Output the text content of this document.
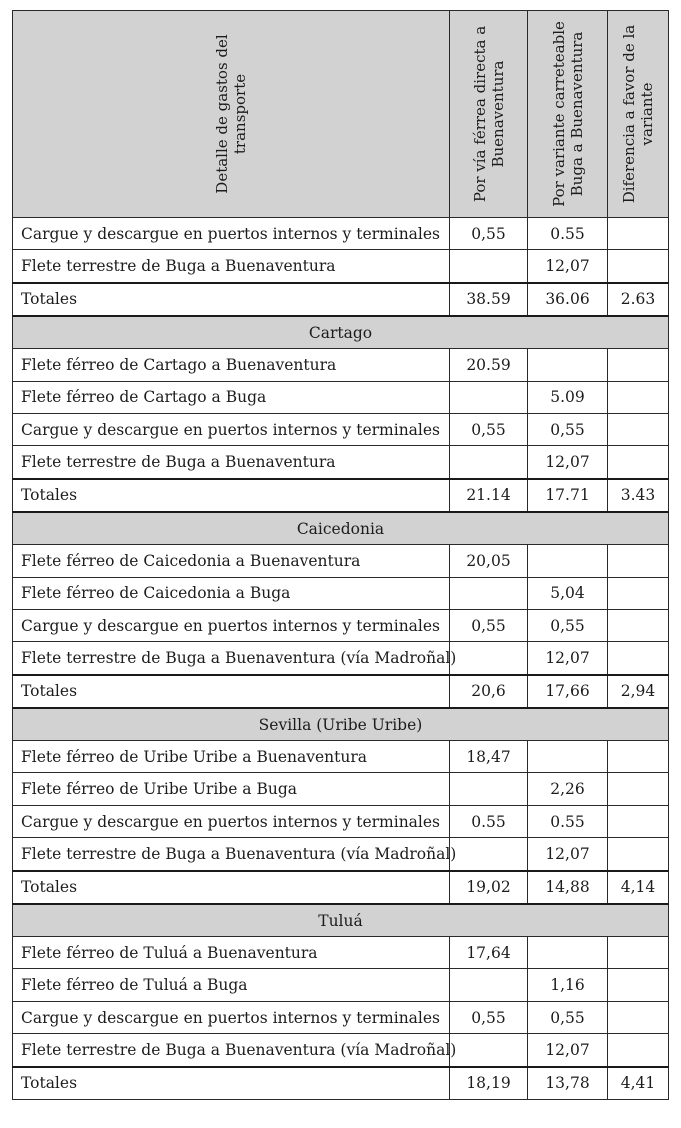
Detalle de gastos del transporte	Por vía férrea directa a Buenaventura	Por variante carreteable Buga a Buenaventura	Diferencia a favor de la variante

Cargue y descargue en puertos internos y terminales	0,55	0.55	
Flete terrestre de Buga a Buenaventura		12,07	
Totales	38.59	36.06	2.63
Cartago			
Flete férreo de Cartago a Buenaventura	20.59		
Flete férreo de Cartago a Buga		5.09	
Cargue y descargue en puertos internos y terminales	0,55	0,55	
Flete terrestre de Buga a Buenaventura		12,07	
Totales	21.14	17.71	3.43
Caicedonia			
Flete férreo de Caicedonia a Buenaventura	20,05		
Flete férreo de Caicedonia a Buga		5,04	
Cargue y descargue en puertos internos y terminales	0,55	0,55	
Flete terrestre de Buga a Buenaventura (vía Madroñal)		12,07	
Totales	20,6	17,66	2,94
Sevilla (Uribe Uribe)			
Flete férreo de Uribe Uribe a Buenaventura	18,47		
Flete férreo de Uribe Uribe a Buga		2,26	
Cargue y descargue en puertos internos y terminales	0.55	0.55	
Flete terrestre de Buga a Buenaventura (vía Madroñal)		12,07	
Totales	19,02	14,88	4,14
Tuluá			
Flete férreo de Tuluá a Buenaventura	17,64		
Flete férreo de Tuluá a Buga		1,16	
Cargue y descargue en puertos internos y terminales	0,55	0,55	
Flete terrestre de Buga a Buenaventura (vía Madroñal)		12,07	
Totales	18,19	13,78	4,41
